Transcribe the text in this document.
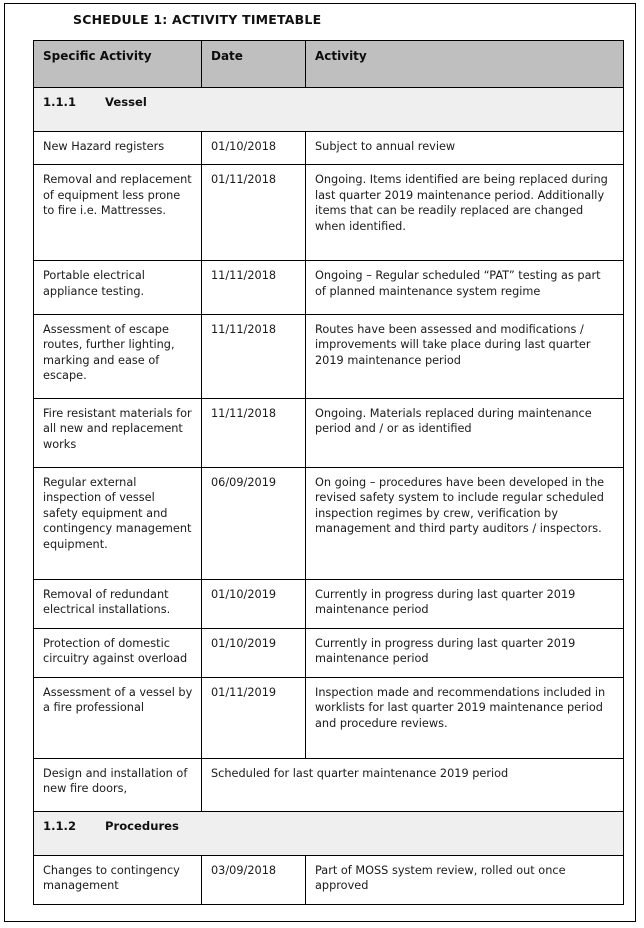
SCHEDULE 1: ACTIVITY TIMETABLE
Specific Activity	Date	Activity
1.1.1 Vessel		
New Hazard registers	01/10/2018	Subject to annual review
Removal and replacement of equipment less prone to fire i.e. Mattresses.	01/11/2018	Ongoing. Items identified are being replaced during last quarter 2019 maintenance period. Additionally items that can be readily replaced are changed when identified.
Portable electrical appliance testing.	11/11/2018	Ongoing – Regular scheduled “PAT” testing as part of planned maintenance system regime
Assessment of escape routes, further lighting, marking and ease of escape.	11/11/2018	Routes have been assessed and modifications / improvements will take place during last quarter 2019 maintenance period
Fire resistant materials for all new and replacement works	11/11/2018	Ongoing. Materials replaced during maintenance period and / or as identified
Regular external inspection of vessel safety equipment and contingency management equipment.	06/09/2019	On going – procedures have been developed in the revised safety system to include regular scheduled inspection regimes by crew, verification by management and third party auditors / inspectors.
Removal of redundant electrical installations.	01/10/2019	Currently in progress during last quarter 2019 maintenance period
Protection of domestic circuitry against overload	01/10/2019	Currently in progress during last quarter 2019 maintenance period
Assessment of a vessel by a fire professional	01/11/2019	Inspection made and recommendations included in worklists for last quarter 2019 maintenance period and procedure reviews.
Design and installation of new fire doors,	Scheduled for last quarter maintenance 2019 period	
1.1.2 Procedures		
Changes to contingency management	03/09/2018	Part of MOSS system review, rolled out once approved
